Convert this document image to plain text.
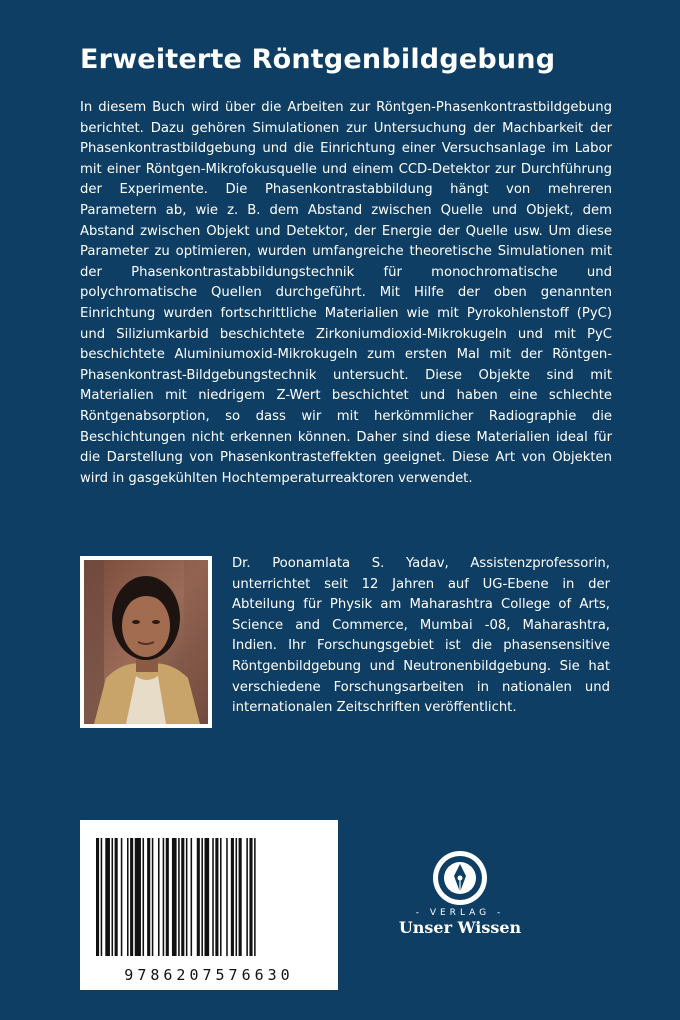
Erweiterte Röntgenbildgebung

In diesem Buch wird über die Arbeiten zur Röntgen-Phasenkontrastbildgebung berichtet. Dazu gehören Simulationen zur Untersuchung der Machbarkeit der Phasenkontrastbildgebung und die Einrichtung einer Versuchsanlage im Labor mit einer Röntgen-Mikrofokusquelle und einem CCD-Detektor zur Durchführung der Experimente. Die Phasenkontrastabbildung hängt von mehreren Parametern ab, wie z. B. dem Abstand zwischen Quelle und Objekt, dem Abstand zwischen Objekt und Detektor, der Energie der Quelle usw. Um diese Parameter zu optimieren, wurden umfangreiche theoretische Simulationen mit der Phasenkontrastabbildungstechnik für monochromatische und polychromatische Quellen durchgeführt. Mit Hilfe der oben genannten Einrichtung wurden fortschrittliche Materialien wie mit Pyrokohlenstoff (PyC) und Siliziumkarbid beschichtete Zirkoniumdioxid-Mikrokugeln und mit PyC beschichtete Aluminiumoxid-Mikrokugeln zum ersten Mal mit der Röntgen-Phasenkontrast-Bildgebungstechnik untersucht. Diese Objekte sind mit Materialien mit niedrigem Z-Wert beschichtet und haben eine schlechte Röntgenabsorption, so dass wir mit herkömmlicher Radiographie die Beschichtungen nicht erkennen können. Daher sind diese Materialien ideal für die Darstellung von Phasenkontrasteffekten geeignet. Diese Art von Objekten wird in gasgekühlten Hochtemperaturreaktoren verwendet.

Dr. Poonamlata S. Yadav, Assistenzprofessorin, unterrichtet seit 12 Jahren auf UG-Ebene in der Abteilung für Physik am Maharashtra College of Arts, Science and Commerce, Mumbai -08, Maharashtra, Indien. Ihr Forschungsgebiet ist die phasensensitive Röntgenbildgebung und Neutronenbildgebung. Sie hat verschiedene Forschungsarbeiten in nationalen und internationalen Zeitschriften veröffentlicht.

9786207576630
- VERLAG -
Unser Wissen
